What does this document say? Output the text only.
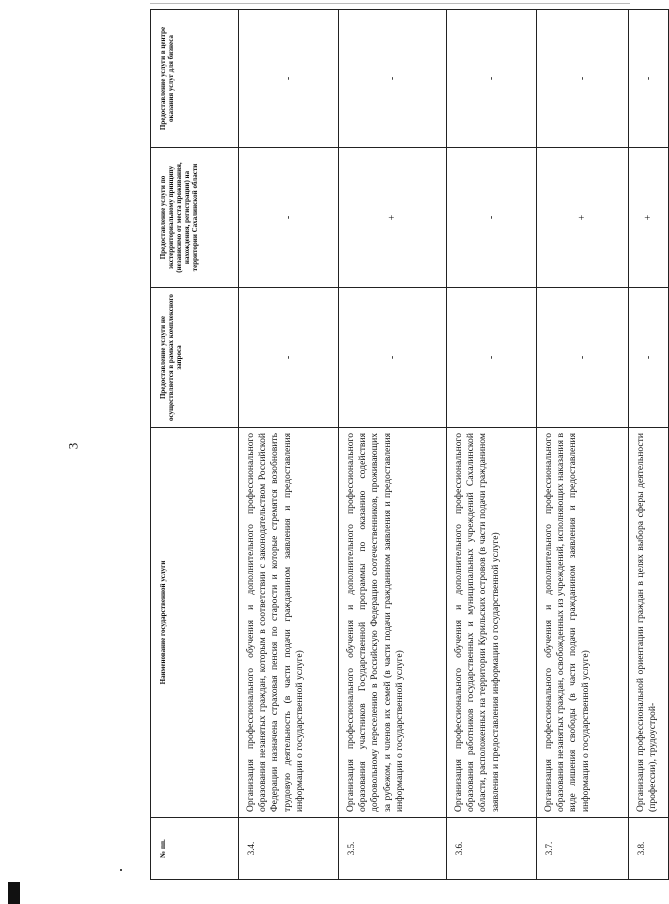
3
№ пп.	Наименование государственной услуги	Предоставление услуги не осуществляется в рамках комплексного запроса	Предоставление услуги по экстерриториальному принципу (независимо от места проживания, нахождения, регистрации) на территории Сахалинской области	Предоставление услуги в центре оказания услуг для бизнеса
3.4.	Организация профессионального обучения и дополнительного профессионального образования незанятых граждан, которым в соответствии с законодательством Российской Федерации назначена страховая пенсия по старости и которые стремятся возобновить трудовую деятельность (в части подачи гражданином заявления и предоставления информации о государственной услуге)	-	-	-
3.5.	Организация профессионального обучения и дополнительного профессионального образования участников Государственной программы по оказанию содействия добровольному переселению в Российскую Федерацию соотечественников, проживающих за рубежом, и членов их семей (в части подачи гражданином заявления и предоставления информации о государственной услуге)	-	+	-
3.6.	Организация профессионального обучения и дополнительного профессионального образования работников государственных и муниципальных учреждений Сахалинской области, расположенных на территории Курильских островов (в части подачи гражданином заявления и предоставления информации о государственной услуге)	-	-	-
3.7.	Организация профессионального обучения и дополнительного профессионального образования незанятых граждан, освобожденных из учреждений, исполняющих наказания в виде лишения свободы (в части подачи гражданином заявления и предоставления информации о государственной услуге)	-	+	-
3.8.	Организация профессиональной ориентации граждан в целях выбора сферы деятельности (профессии), трудоустрой-	-	+	-
